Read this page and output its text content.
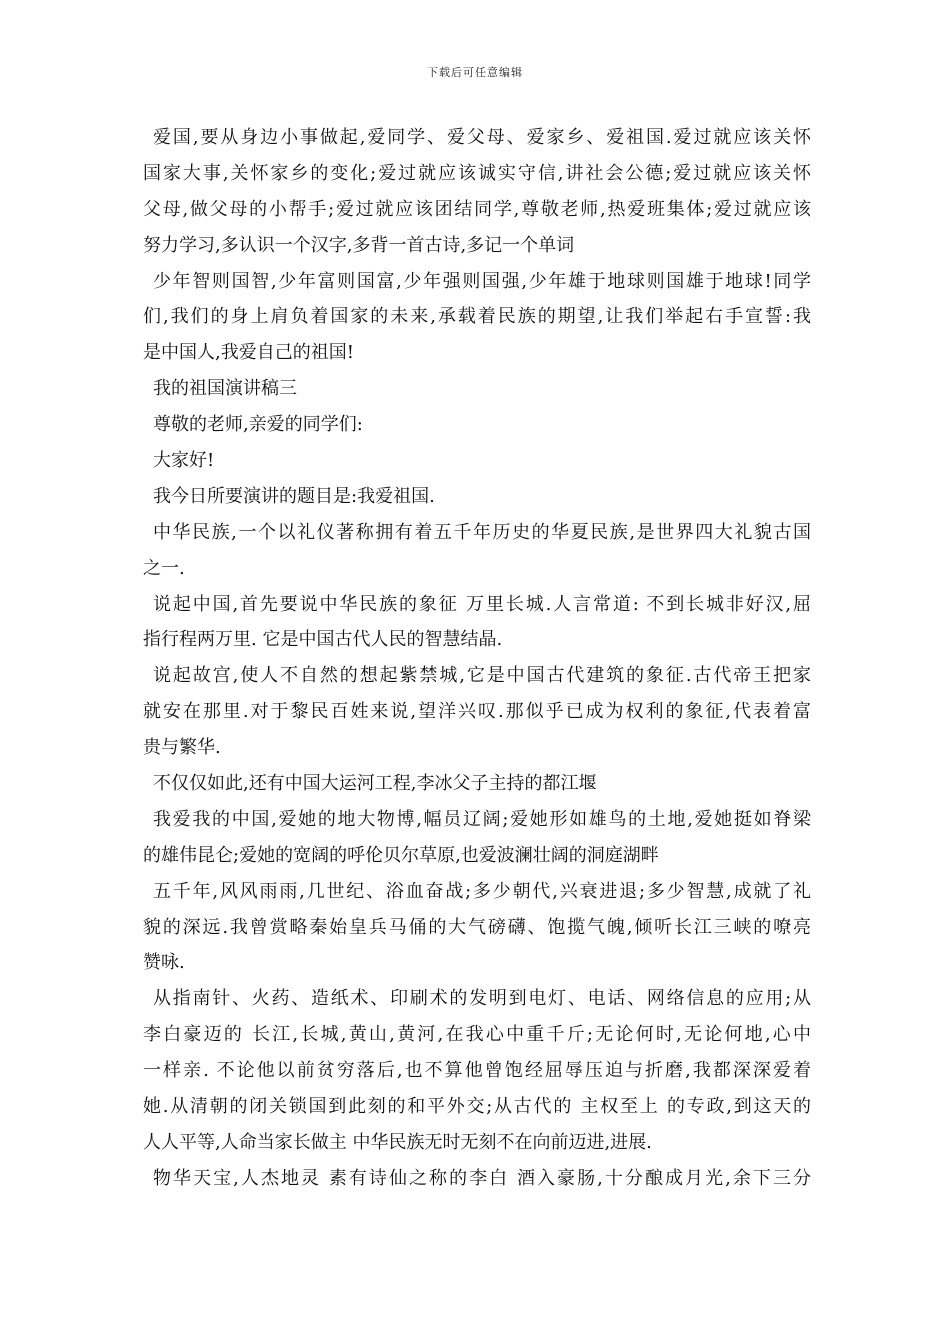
下载后可任意编辑
爱国,要从身边小事做起,爱同学、爱父母、爱家乡、爱祖国.爱过就应该关怀
国家大事,关怀家乡的变化;爱过就应该诚实守信,讲社会公德;爱过就应该关怀
父母,做父母的小帮手;爱过就应该团结同学,尊敬老师,热爱班集体;爱过就应该
努力学习,多认识一个汉字,多背一首古诗,多记一个单词
少年智则国智,少年富则国富,少年强则国强,少年雄于地球则国雄于地球!同学
们,我们的身上肩负着国家的未来,承载着民族的期望,让我们举起右手宣誓:我
是中国人,我爱自己的祖国!
我的祖国演讲稿三
尊敬的老师,亲爱的同学们:
大家好!
我今日所要演讲的题目是:我爱祖国.
中华民族,一个以礼仪著称拥有着五千年历史的华夏民族,是世界四大礼貌古国
之一.
说起中国,首先要说中华民族的象征 万里长城.人言常道: 不到长城非好汉,屈
指行程两万里. 它是中国古代人民的智慧结晶.
说起故宫,使人不自然的想起紫禁城,它是中国古代建筑的象征.古代帝王把家
就安在那里.对于黎民百姓来说,望洋兴叹.那似乎已成为权利的象征,代表着富
贵与繁华.
不仅仅如此,还有中国大运河工程,李冰父子主持的都江堰
我爱我的中国,爱她的地大物博,幅员辽阔;爱她形如雄鸟的土地,爱她挺如脊梁
的雄伟昆仑;爱她的宽阔的呼伦贝尔草原,也爱波澜壮阔的洞庭湖畔
五千年,风风雨雨,几世纪、浴血奋战;多少朝代,兴衰进退;多少智慧,成就了礼
貌的深远.我曾赏略秦始皇兵马俑的大气磅礴、饱揽气魄,倾听长江三峡的嘹亮
赞咏.
从指南针、火药、造纸术、印刷术的发明到电灯、电话、网络信息的应用;从
李白豪迈的 长江,长城,黄山,黄河,在我心中重千斤;无论何时,无论何地,心中
一样亲. 不论他以前贫穷落后,也不算他曾饱经屈辱压迫与折磨,我都深深爱着
她.从清朝的闭关锁国到此刻的和平外交;从古代的 主权至上 的专政,到这天的
人人平等,人命当家长做主 中华民族无时无刻不在向前迈进,进展.
物华天宝,人杰地灵 素有诗仙之称的李白 酒入豪肠,十分酿成月光,余下三分
